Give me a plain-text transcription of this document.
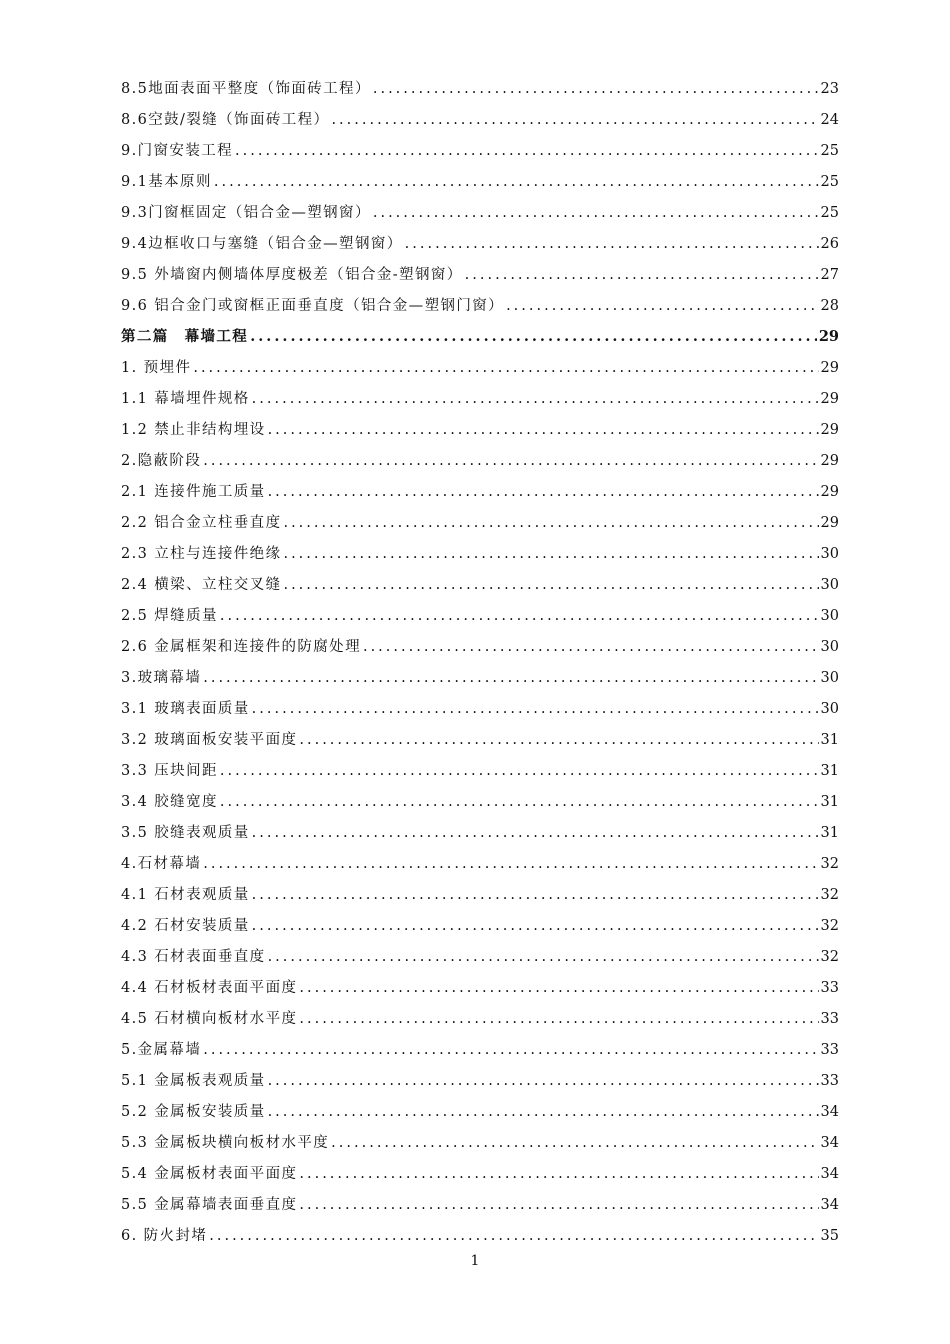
8.5地面表面平整度（饰面砖工程） .....	23
8.6空鼓/裂缝（饰面砖工程） .....	24
9.门窗安装工程 .....	25
9.1基本原则 .....	25
9.3门窗框固定（铝合金—塑钢窗） .....	25
9.4边框收口与塞缝（铝合金—塑钢窗） .....	26
9.5 外墙窗内侧墙体厚度极差（铝合金-塑钢窗） .....	27
9.6 铝合金门或窗框正面垂直度（铝合金—塑钢门窗） .....	28
第二篇　幕墙工程 .....	29
1. 预埋件 .....	29
1.1 幕墙埋件规格 .....	29
1.2 禁止非结构埋设 .....	29
2.隐蔽阶段 .....	29
2.1 连接件施工质量 .....	29
2.2 铝合金立柱垂直度 .....	29
2.3 立柱与连接件绝缘 .....	30
2.4 横梁、立柱交叉缝 .....	30
2.5 焊缝质量 .....	30
2.6 金属框架和连接件的防腐处理 .....	30
3.玻璃幕墙 .....	30
3.1 玻璃表面质量 .....	30
3.2 玻璃面板安装平面度 .....	31
3.3 压块间距 .....	31
3.4 胶缝宽度 .....	31
3.5 胶缝表观质量 .....	31
4.石材幕墙 .....	32
4.1 石材表观质量 .....	32
4.2 石材安装质量 .....	32
4.3 石材表面垂直度 .....	32
4.4 石材板材表面平面度 .....	33
4.5 石材横向板材水平度 .....	33
5.金属幕墙 .....	33
5.1 金属板表观质量 .....	33
5.2 金属板安装质量 .....	34
5.3 金属板块横向板材水平度 .....	34
5.4 金属板材表面平面度 .....	34
5.5 金属幕墙表面垂直度 .....	34
6. 防火封堵 .....	35
1
